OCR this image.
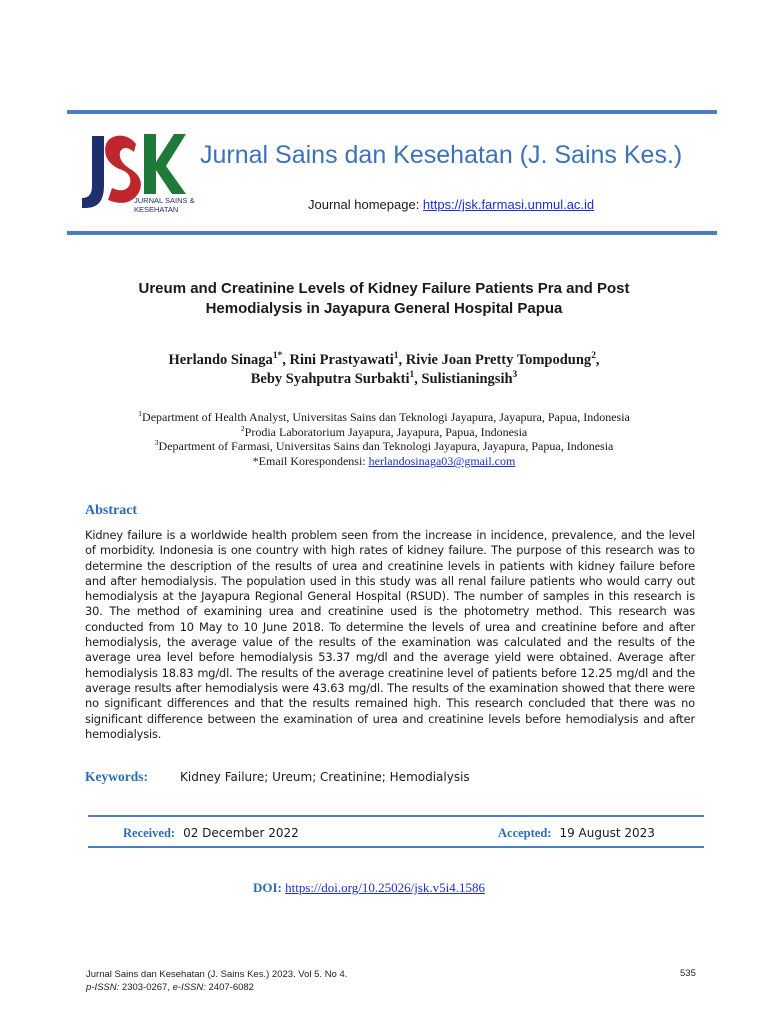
JURNAL SAINS &
KESEHATAN
Jurnal Sains dan Kesehatan (J. Sains Kes.)
Journal homepage: https://jsk.farmasi.unmul.ac.id
Ureum and Creatinine Levels of Kidney Failure Patients Pra and Post
Hemodialysis in Jayapura General Hospital Papua
Herlando Sinaga$^{1*}$, Rini Prastyawati$^1$, Rivie Joan Pretty Tompodung$^2$,
Beby Syahputra Surbakti$^1$, Sulistianingsih$^3$
$^1$Department of Health Analyst, Universitas Sains dan Teknologi Jayapura, Jayapura, Papua, Indonesia
$^2$Prodia Laboratorium Jayapura, Jayapura, Papua, Indonesia
$^3$Department of Farmasi, Universitas Sains dan Teknologi Jayapura, Jayapura, Papua, Indonesia
*Email Korespondensi: herlandosinaga03@gmail.com
Abstract
Kidney failure is a worldwide health problem seen from the increase in incidence, prevalence, and the level of morbidity. Indonesia is one country with high rates of kidney failure. The purpose of this research was to determine the description of the results of urea and creatinine levels in patients with kidney failure before and after hemodialysis. The population used in this study was all renal failure patients who would carry out hemodialysis at the Jayapura Regional General Hospital (RSUD). The number of samples in this research is 30. The method of examining urea and creatinine used is the photometry method. This research was conducted from 10 May to 10 June 2018. To determine the levels of urea and creatinine before and after hemodialysis, the average value of the results of the examination was calculated and the results of the average urea level before hemodialysis 53.37 mg/dl and the average yield were obtained. Average after hemodialysis 18.83 mg/dl. The results of the average creatinine level of patients before 12.25 mg/dl and the average results after hemodialysis were 43.63 mg/dl. The results of the examination showed that there were no significant differences and that the results remained high. This research concluded that there was no significant difference between the examination of urea and creatinine levels before hemodialysis and after hemodialysis.
Keywords:	Kidney Failure; Ureum; Creatinine; Hemodialysis
Received: 02 December 2022	Accepted: 19 August 2023
DOI: https://doi.org/10.25026/jsk.v5i4.1586
Jurnal Sains dan Kesehatan (J. Sains Kes.) 2023. Vol 5. No 4.
p-ISSN: 2303-0267, e-ISSN: 2407-6082
535
